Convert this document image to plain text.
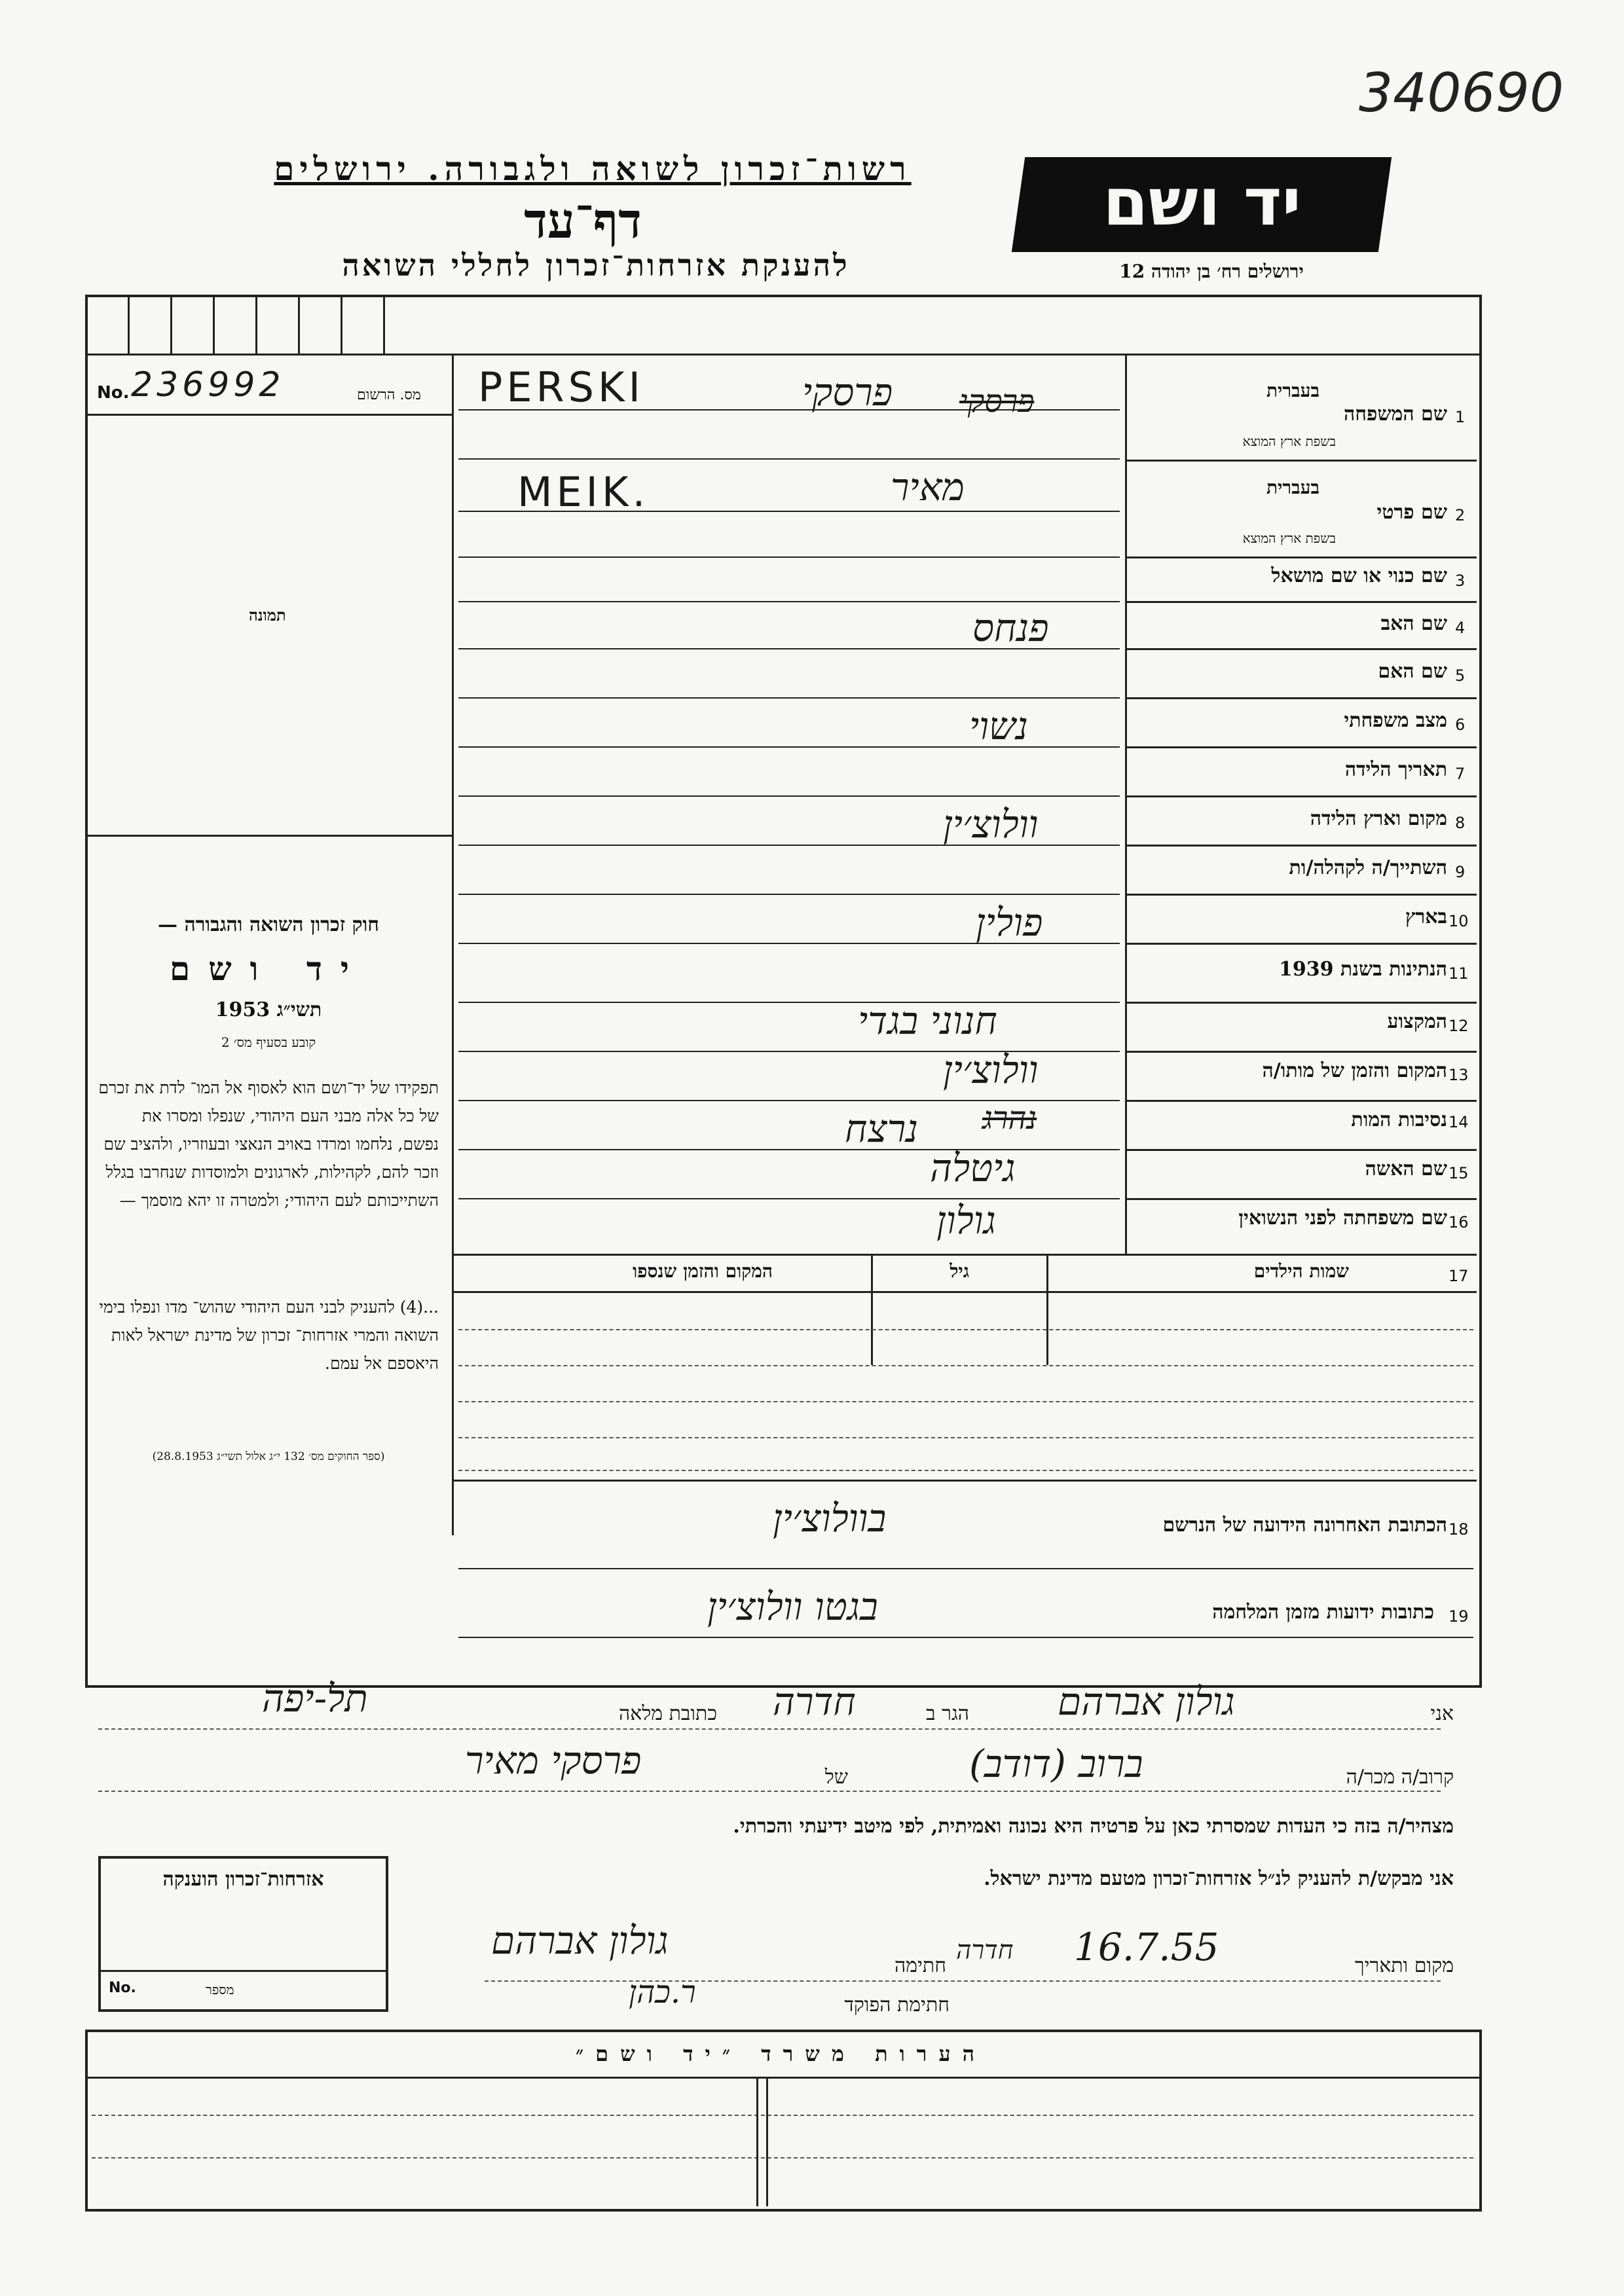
340690
רשות־זכרון לשואה ולגבורה. ירושלים
דף־עד
להענקת אזרחות־זכרון לחללי השואה
יד ושם
ירושלים רח׳ בן יהודה 12
No. 236992	מס. הרשום
תמונה
חוק זכרון השואה והגבורה —
יד ושם
תשי״ג 1953
קובע בסעיף מס׳ 2
תפקידו של יד־ושם הוא לאסוף אל המו־ לדת את זכרם של כל אלה מבני העם היהודי, שנפלו ומסרו את נפשם, נלחמו ומרדו באויב הנאצי ובעוזריו, ולהציב שם וזכר להם, לקהילות, לארגונים ולמוסדות שנחרבו בגלל השתייכותם לעם היהודי; ולמטרה זו יהא מוסמך —
...(4) להעניק לבני העם היהודי שהוש־ מדו ונפלו בימי השואה והמרי אזרחות־ זכרון של מדינת ישראל לאות היאספם אל עמם.
(ספר החוקים מס׳ 132 י״ג אלול תשי״ג 28.8.1953)
1
שם המשפחה
בעברית
בשפת ארץ המוצא
PERSKI	פרסקי פרסקי
2
שם פרטי
בעברית
בשפת ארץ המוצא
MEIK.	מאיר
3
שם כנוי או שם מושאל
4
שם האב
פנחס
5
שם האם
6
מצב משפחתי
נשוי
7
תאריך הלידה
8
מקום וארץ הלידה
וולוצ׳ין
9
השתייך/ה לקהלה/ות
10
בארץ
פולין
11
הנתינות בשנת 1939
12
המקצוע
חנוני בגדי
13
המקום והזמן של מותו/ה
וולוצ׳ין
14
נסיבות המות
נרצח נהרג
15
שם האשה
גיטלה
16
שם משפחתה לפני הנשואין
גולון
17
שמות הילדים
גיל
המקום והזמן שנספו
18
הכתובת האחרונה הידועה של הנרשם
בוולוצ׳ין
19
כתובות ידועות מזמן המלחמה
בגטו וולוצ׳ין
אני
גולון אברהם
הגר ב
חדרה
כתובת מלאה
תל-יפה
קרוב/ה מכר/ה
ברוב (דודב)
של
פרסקי מאיר
מצהיר/ה בזה כי העדות שמסרתי כאן על פרטיה היא נכונה ואמיתית, לפי מיטב ידיעתי והכרתי.
אני מבקש/ת להעניק לנ״ל אזרחות־זכרון מטעם מדינת ישראל.
מקום ותאריך
16.7.55
חדרה
חתימה
גולון אברהם
חתימת הפוקד
ר.כהן
אזרחות־זכרון הוענקה
No.	מספר
הערות משרד ״יד ושם״
